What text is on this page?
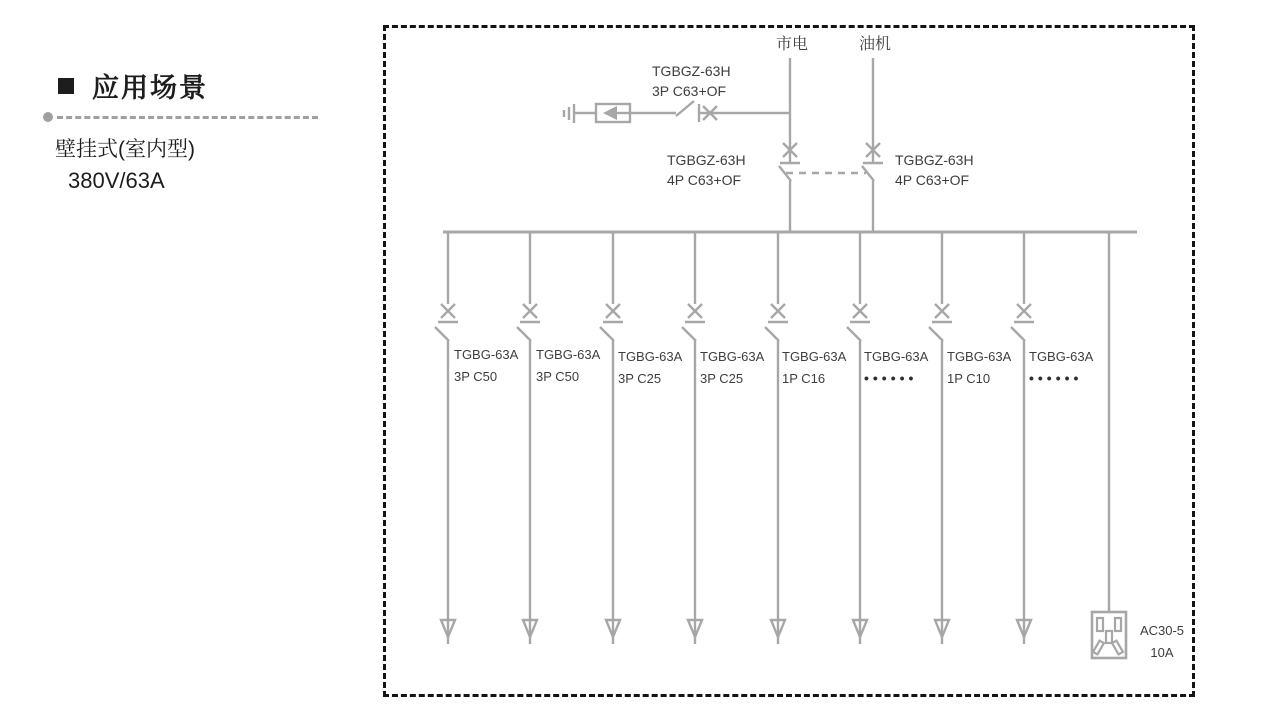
应用场景

壁挂式(室内型)

380V/63A

市电	油机
TGBGZ-63H
3P C63+OF
TGBGZ-63H
4P C63+OF
TGBGZ-63H
4P C63+OF
TGBG-63A
3P C50
TGBG-63A
3P C50
TGBG-63A
3P C25
TGBG-63A
3P C25
TGBG-63A
1P C16
TGBG-63A
••••••
TGBG-63A
1P C10
TGBG-63A
••••••
AC30-5
10A
